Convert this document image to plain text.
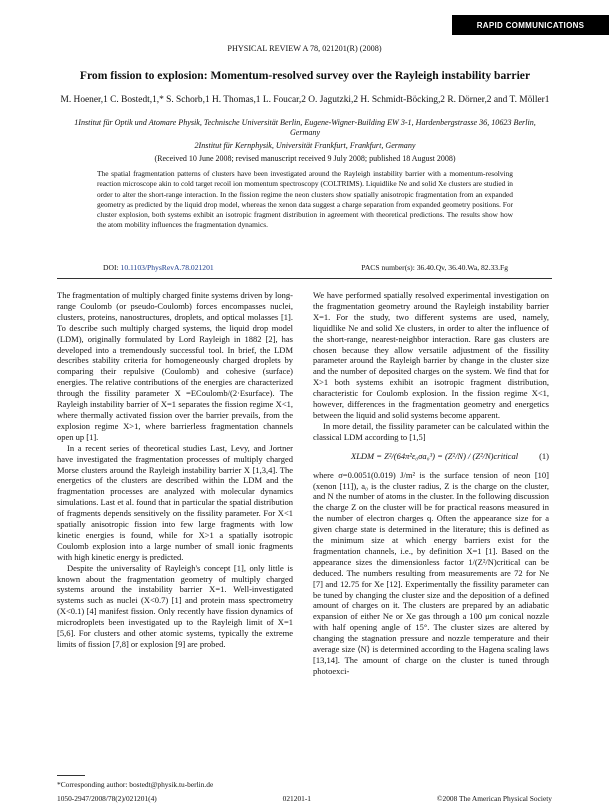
RAPID COMMUNICATIONS
PHYSICAL REVIEW A 78, 021201(R) (2008)
From fission to explosion: Momentum-resolved survey over the Rayleigh instability barrier
M. Hoener,1 C. Bostedt,1,* S. Schorb,1 H. Thomas,1 L. Foucar,2 O. Jagutzki,2 H. Schmidt-Böcking,2 R. Dörner,2 and T. Möller1
1Institut für Optik und Atomare Physik, Technische Universität Berlin, Eugene-Wigner-Building EW 3-1, Hardenbergstrasse 36, 10623 Berlin, Germany
2Institut für Kernphysik, Universität Frankfurt, Frankfurt, Germany
(Received 10 June 2008; revised manuscript received 9 July 2008; published 18 August 2008)
The spatial fragmentation patterns of clusters have been investigated around the Rayleigh instability barrier with a momentum-resolving reaction microscope akin to cold target recoil ion momentum spectroscopy (COLTRIMS). Liquidlike Ne and solid Xe clusters are studied in order to alter the short-range interaction. In the fission regime the neon clusters show spatially anisotropic fragmentation from an expanded geometry as predicted by the liquid drop model, whereas the xenon data suggest a charge separation from expanded geometry positions. For cluster explosion, both systems exhibit an isotropic fragment distribution in agreement with theoretical predictions. The results show how the atom mobility influences the fragmentation dynamics.
DOI: 10.1103/PhysRevA.78.021201	PACS number(s): 36.40.Qv, 36.40.Wa, 82.33.Fg

The fragmentation of multiply charged finite systems driven by long-range Coulomb (or pseudo-Coulomb) forces encompasses nuclei, clusters, proteins, nanostructures, droplets, and optical molasses [1]. To describe such multiply charged systems, the liquid drop model (LDM), originally formulated by Lord Rayleigh in 1882 [2], has developed into a tremendously successful tool. In brief, the LDM describes stability criteria for homogeneously charged droplets by comparing their repulsive (Coulomb) and cohesive (surface) energies. The relative contributions of the energies are characterized through the fissility parameter X =ECoulomb/(2·Esurface). The Rayleigh instability barrier of X=1 separates the fission regime X<1, where thermally activated fission over the barrier prevails, from the explosion regime X>1, where barrierless fragmentation channels open up [1].

In a recent series of theoretical studies Last, Levy, and Jortner have investigated the fragmentation processes of multiply charged Morse clusters around the Rayleigh instability barrier X [1,3,4]. The energetics of the clusters are described within the LDM and the fragmentation processes are analyzed with molecular dynamics simulations. Last et al. found that in particular the spatial distribution of fragments depends sensitively on the fissility parameter. For X<1 spatially anisotropic fission into few large fragments with low kinetic energies is found, while for X>1 a spatially isotropic Coulomb explosion into a large number of small ionic fragments with high kinetic energy is predicted.

Despite the universality of Rayleigh's concept [1], only little is known about the fragmentation geometry of multiply charged systems around the instability barrier X=1. Well-investigated systems such as nuclei (X<0.7) [1] and protein mass spectrometry (X<0.1) [4] manifest fission. Only recently have fission dynamics of microdroplets been investigated up to the Rayleigh limit of X=1 [5,6]. For clusters and other atomic systems, typically the extreme limits of fission [7,8] or explosion [9] are probed.

We have performed spatially resolved experimental investigation on the fragmentation geometry around the Rayleigh instability barrier X=1. For the study, two different systems are used, namely, liquidlike Ne and solid Xe clusters, in order to alter the influence of the short-range, nearest-neighbor interaction. Rare gas clusters are chosen because they allow versatile adjustment of the fissility parameter around the Rayleigh barrier by change in the cluster size and the number of deposited charges on the system. We find that for X>1 both systems exhibit an isotropic fragment distribution, characteristic for Coulomb explosion. In the fission regime X<1, however, differences in the fragmentation geometry and energetics between the liquid and solid systems become apparent.

In more detail, the fissility parameter can be calculated within the classical LDM according to [1,5]

XLDM = Z²/(64π²ε₀σa₀³) = (Z²/N) / (Z²/N)critical (1)

where σ=0.0051(0.019) J/m² is the surface tension of neon [10] (xenon [11]), a₀ is the cluster radius, Z is the charge on the cluster, and N the number of atoms in the cluster. In the following discussion the charge Z on the cluster will be for practical reasons measured in the number of electron charges q. Often the appearance size for a given charge state is determined in the literature; this is defined as the minimum size at which energy barriers exist for the fragmentation channels, i.e., by definition X=1 [1]. Based on the appearance sizes the dimensionless factor 1/(Z²/N)critical can be deduced. The numbers resulting from measurements are 72 for Ne [7] and 12.75 for Xe [12]. Experimentally the fissility parameter can be tuned by changing the cluster size and the deposition of a defined amount of charges on it. The clusters are prepared by an adiabatic expansion of either Ne or Xe gas through a 100 μm conical nozzle with half opening angle of 15°. The cluster sizes are altered by changing the stagnation pressure and nozzle temperature and their average size ⟨N⟩ is determined according to the Hagena scaling laws [13,14]. The amount of charge on the cluster is tuned through photoexci-

*Corresponding author: bostedt@physik.tu-berlin.de
1050-2947/2008/78(2)/021201(4)	021201-1	©2008 The American Physical Society
